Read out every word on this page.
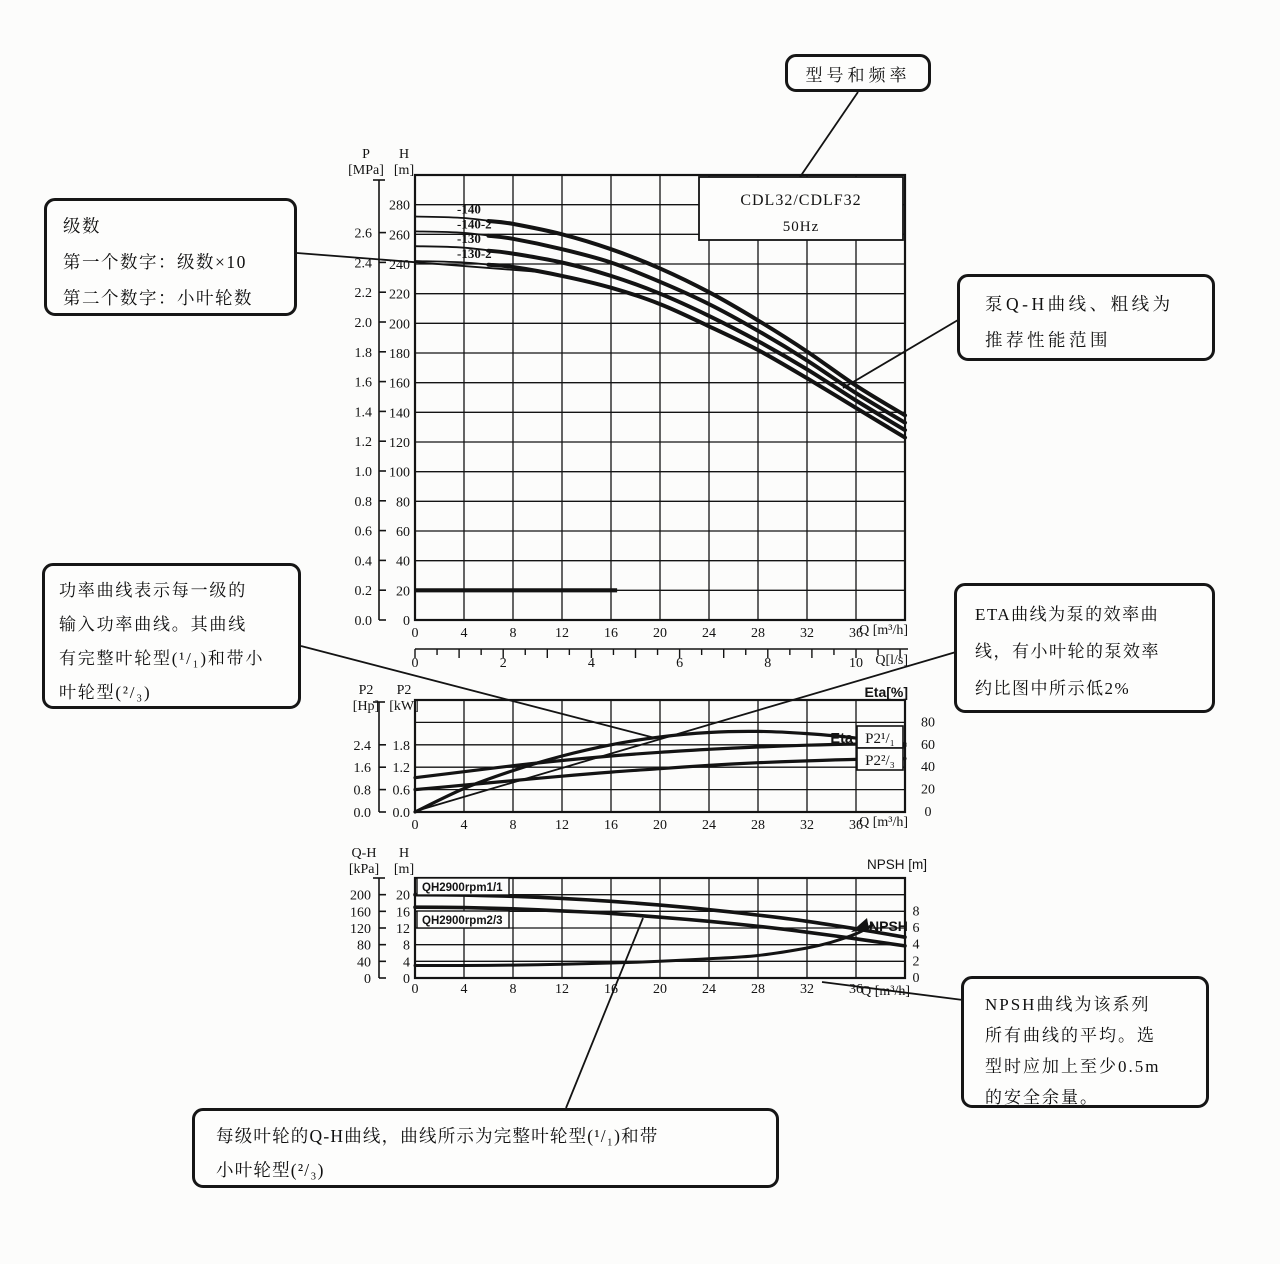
CDL32/CDLF32
50Hz
-140
-140-2
-130
-130-2
0.0
0.2
0.4
0.6
0.8
1.0
1.2
1.4
1.6
1.8
2.0
2.2
2.4
2.6
P
[MPa]
0
20
40
60
80
100
120
140
160
180
200
220
240
260
280
H
[m]
0	4	8	12	16	20	24	28	32	36
Q [m³/h]
0	2	4	6	8	10 Q[l/s]
P2¹/₁
P2²/₃
Eta
0.0
0.8
1.6
2.4
P2
[Hp]
0.0
0.6
1.2
1.8
P2
[kW]
0
20
40
60
80
Eta[%]
0	4	8	12	16	20	24	28	32	36
Q [m³/h]
QH2900rpm1/1
QH2900rpm2/3	NPSH
0
40
80
120
160
200
Q-H
[kPa]
0
4
8
12
16
20
H
[m]
0
2
4
6
8
NPSH [m]
0	4	8	12	16	20	24	28	32	36
Q [m³/h]
型号和频率
级数
第一个数字：级数×10
第二个数字：小叶轮数	泵Q-H曲线、粗线为
推荐性能范围
功率曲线表示每一级的
输入功率曲线。其曲线
有完整叶轮型(¹/₁)和带小
叶轮型(²/₃)
ETA曲线为泵的效率曲
线，有小叶轮的泵效率
约比图中所示低2%
NPSH曲线为该系列
所有曲线的平均。选
型时应加上至少0.5m
的安全余量。
每级叶轮的Q-H曲线，曲线所示为完整叶轮型(¹/₁)和带
小叶轮型(²/₃)
